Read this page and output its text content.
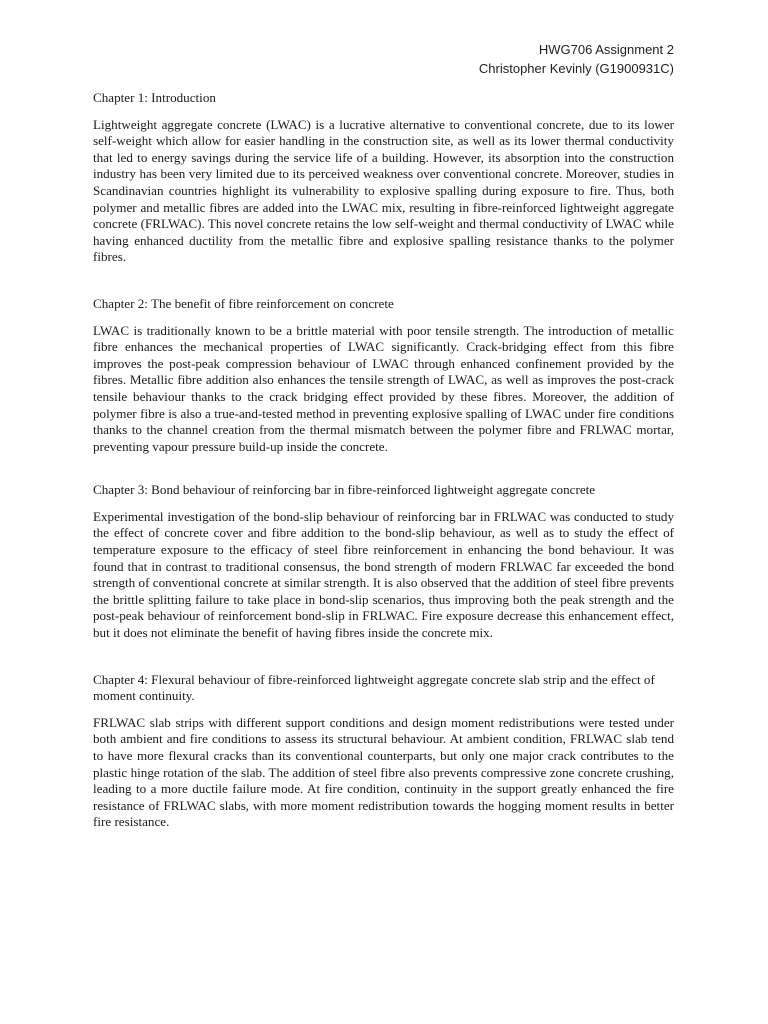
HWG706 Assignment 2
Christopher Kevinly (G1900931C)

Chapter 1: Introduction

Lightweight aggregate concrete (LWAC) is a lucrative alternative to conventional concrete, due to its lower self-weight which allow for easier handling in the construction site, as well as its lower thermal conductivity that led to energy savings during the service life of a building. However, its absorption into the construction industry has been very limited due to its perceived weakness over conventional concrete. Moreover, studies in Scandinavian countries highlight its vulnerability to explosive spalling during exposure to fire. Thus, both polymer and metallic fibres are added into the LWAC mix, resulting in fibre-reinforced lightweight aggregate concrete (FRLWAC). This novel concrete retains the low self-weight and thermal conductivity of LWAC while having enhanced ductility from the metallic fibre and explosive spalling resistance thanks to the polymer fibres.

Chapter 2: The benefit of fibre reinforcement on concrete

LWAC is traditionally known to be a brittle material with poor tensile strength. The introduction of metallic fibre enhances the mechanical properties of LWAC significantly. Crack-bridging effect from this fibre improves the post-peak compression behaviour of LWAC through enhanced confinement provided by the fibres. Metallic fibre addition also enhances the tensile strength of LWAC, as well as improves the post-crack tensile behaviour thanks to the crack bridging effect provided by these fibres. Moreover, the addition of polymer fibre is also a true-and-tested method in preventing explosive spalling of LWAC under fire conditions thanks to the channel creation from the thermal mismatch between the polymer fibre and FRLWAC mortar, preventing vapour pressure build-up inside the concrete.

Chapter 3: Bond behaviour of reinforcing bar in fibre-reinforced lightweight aggregate concrete

Experimental investigation of the bond-slip behaviour of reinforcing bar in FRLWAC was conducted to study the effect of concrete cover and fibre addition to the bond-slip behaviour, as well as to study the effect of temperature exposure to the efficacy of steel fibre reinforcement in enhancing the bond behaviour. It was found that in contrast to traditional consensus, the bond strength of modern FRLWAC far exceeded the bond strength of conventional concrete at similar strength. It is also observed that the addition of steel fibre prevents the brittle splitting failure to take place in bond-slip scenarios, thus improving both the peak strength and the post-peak behaviour of reinforcement bond-slip in FRLWAC. Fire exposure decrease this enhancement effect, but it does not eliminate the benefit of having fibres inside the concrete mix.

Chapter 4: Flexural behaviour of fibre-reinforced lightweight aggregate concrete slab strip and the effect of moment continuity.

FRLWAC slab strips with different support conditions and design moment redistributions were tested under both ambient and fire conditions to assess its structural behaviour. At ambient condition, FRLWAC slab tend to have more flexural cracks than its conventional counterparts, but only one major crack contributes to the plastic hinge rotation of the slab. The addition of steel fibre also prevents compressive zone concrete crushing, leading to a more ductile failure mode. At fire condition, continuity in the support greatly enhanced the fire resistance of FRLWAC slabs, with more moment redistribution towards the hogging moment results in better fire resistance.
